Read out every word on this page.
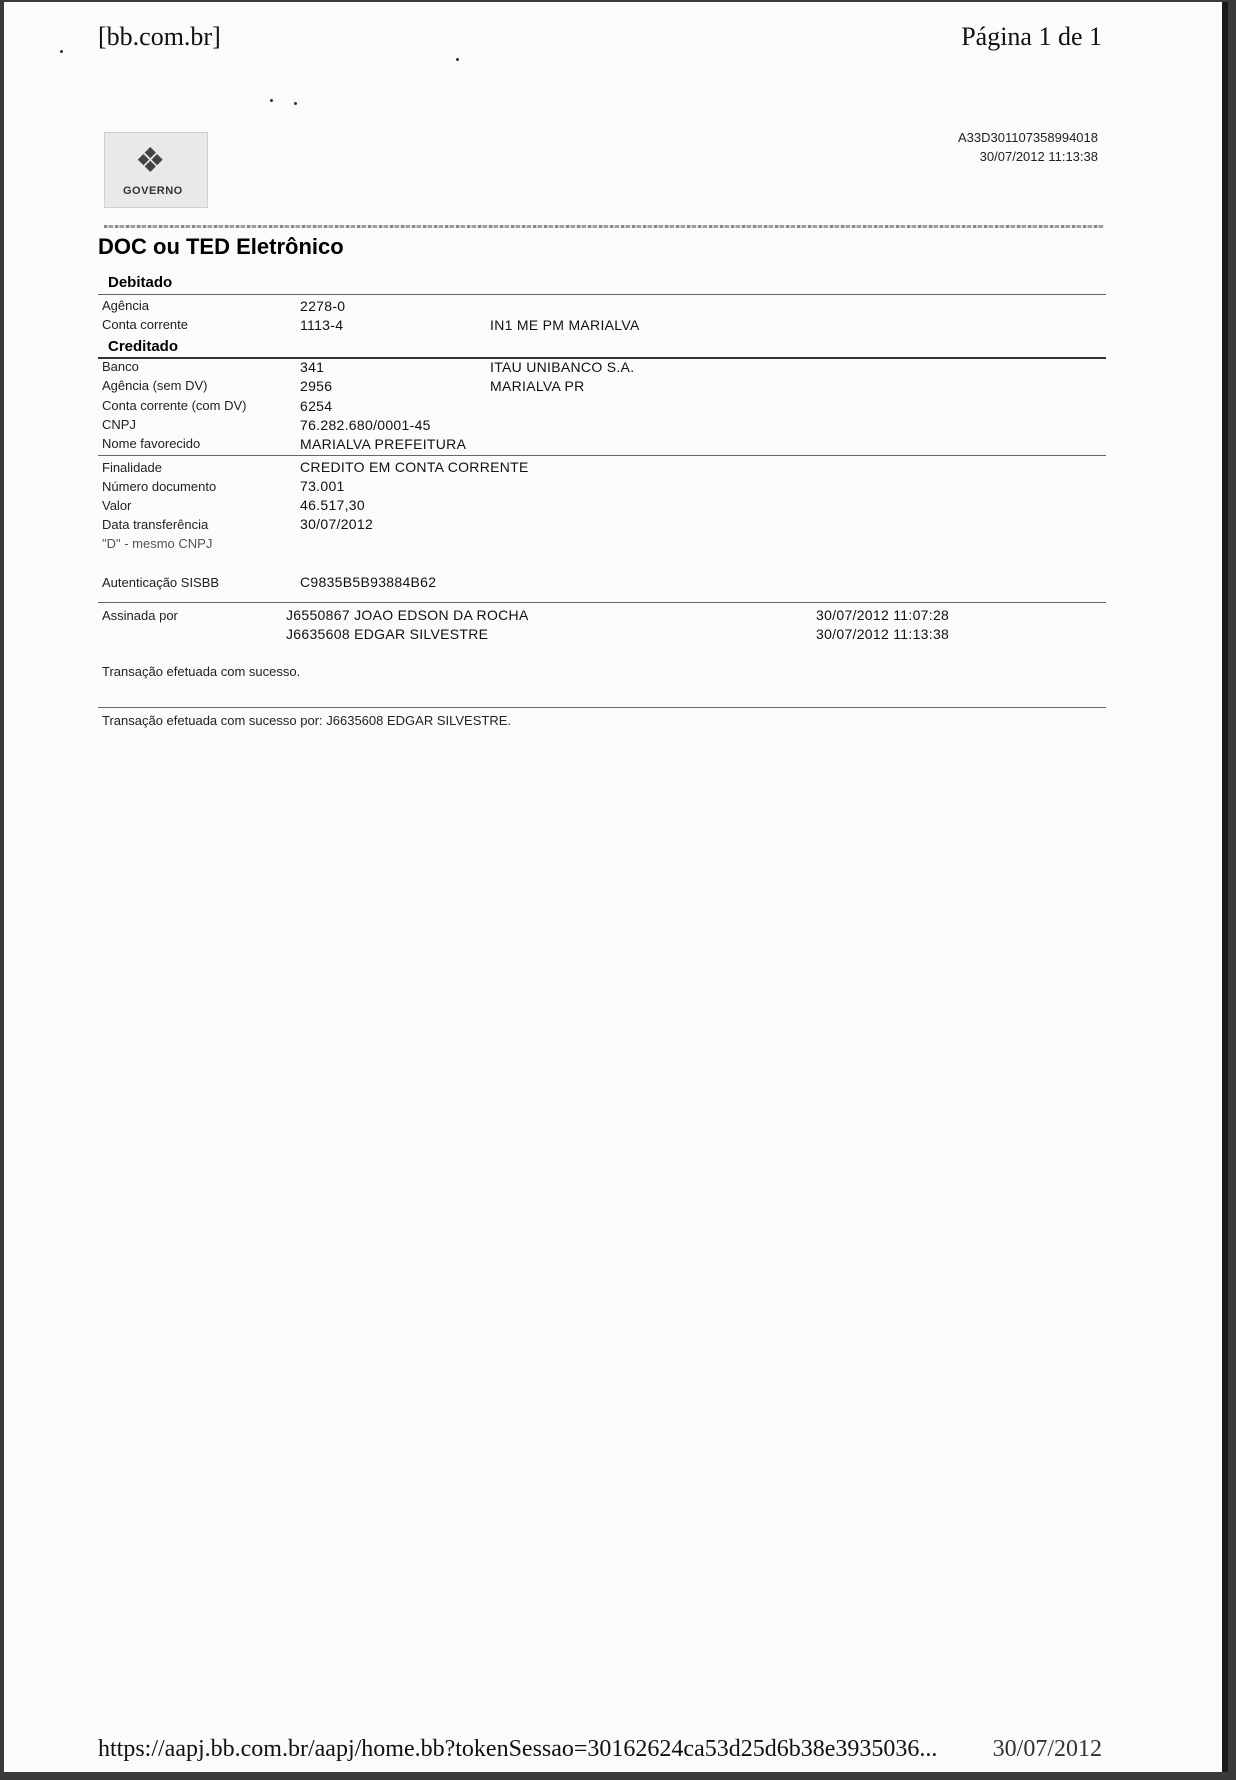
[bb.com.br]	Página 1 de 1
❖
GOVERNO
A33D301107358994018
30/07/2012 11:13:38
DOC ou TED Eletrônico
Debitado
Agência	2278-0
Conta corrente	1113-4	IN1 ME PM MARIALVA
Creditado
Banco	341	ITAU UNIBANCO S.A.
Agência (sem DV)	2956	MARIALVA PR
Conta corrente (com DV)	6254
CNPJ	76.282.680/0001-45
Nome favorecido	MARIALVA PREFEITURA
Finalidade	CREDITO EM CONTA CORRENTE
Número documento	73.001
Valor	46.517,30
Data transferência	30/07/2012
"D" - mesmo CNPJ
Autenticação SISBB	C9835B5B93884B62
Assinada por	J6550867 JOAO EDSON DA ROCHA	30/07/2012 11:07:28
J6635608 EDGAR SILVESTRE	30/07/2012 11:13:38
Transação efetuada com sucesso.
Transação efetuada com sucesso por: J6635608 EDGAR SILVESTRE.
https://aapj.bb.com.br/aapj/home.bb?tokenSessao=30162624ca53d25d6b38e3935036... 30/07/2012
